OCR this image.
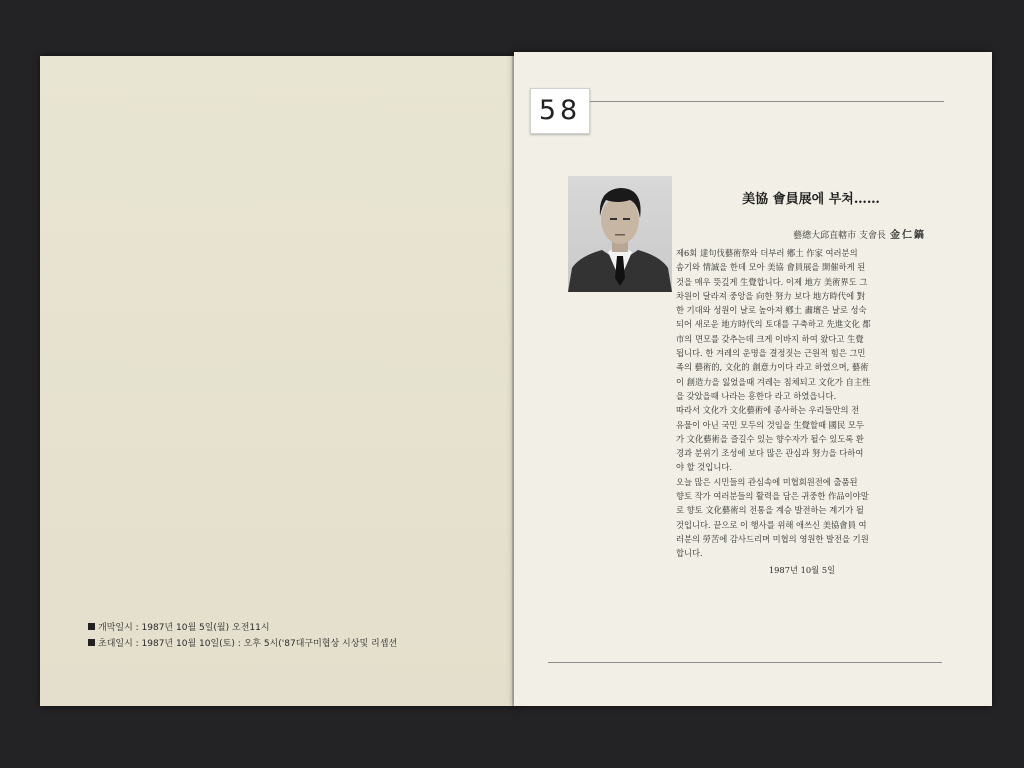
개막일시 : 1987년 10월 5일(월) 오전11시
초대일시 : 1987년 10월 10일(토) : 오후 5시('87대구미협상 시상및 리셉션
58
美協 會員展에 부쳐……
藝總大邱直轄市 支會長 金仁鎬
제6회 達句伐藝術祭와 더부러 鄕土 作家 여러분의
솜기와 情誠을 한데 모아 美協 會員展을 開催하게 된
것을 매우 뜻깊게 生覺합니다. 이제 地方 美術界도 그
차원이 달라져 중앙을 向한 努力 보다 地方時代에 對
한 기대와 성원이 날로 높아져 鄕土 畵壇은 날로 성숙
되어 새로운 地方時代의 토대를 구축하고 先進文化 都
市의 면모를 갖추는데 크게 이바지 하여 왔다고 生覺
됩니다. 한 겨레의 운명을 결정짓는 근원적 힘은 그민
족의 藝術的, 文化的 創意力이다 라고 하였으며, 藝術
이 創造力을 잃었을때 겨레는 침체되고 文化가 自主性
을 갖았을때 나라는 흥한다 라고 하였읍니다.
따라서 文化가 文化藝術에 종사하는 우리들만의 전
유물이 아닌 국민 모두의 것임을 生覺할때 國民 모두
가 文化藝術을 즐길수 있는 향수자가 될수 있도록 환
경과 분위기 조성에 보다 많은 관심과 努力을 다하여
야 할 것입니다.
오늘 많은 시민들의 관심속에 미협회원전에 출품된
향토 작가 여러분들의 활력을 담은 귀중한 作品이야말
로 향토 文化藝術의 전통을 계승 발전하는 계기가 될
것입니다. 끝으로 이 행사를 위해 애쓰신 美協會員 여
러분의 勞苦에 감사드리며 미협의 영원한 발전을 기원
합니다.
1987년 10월 5일
